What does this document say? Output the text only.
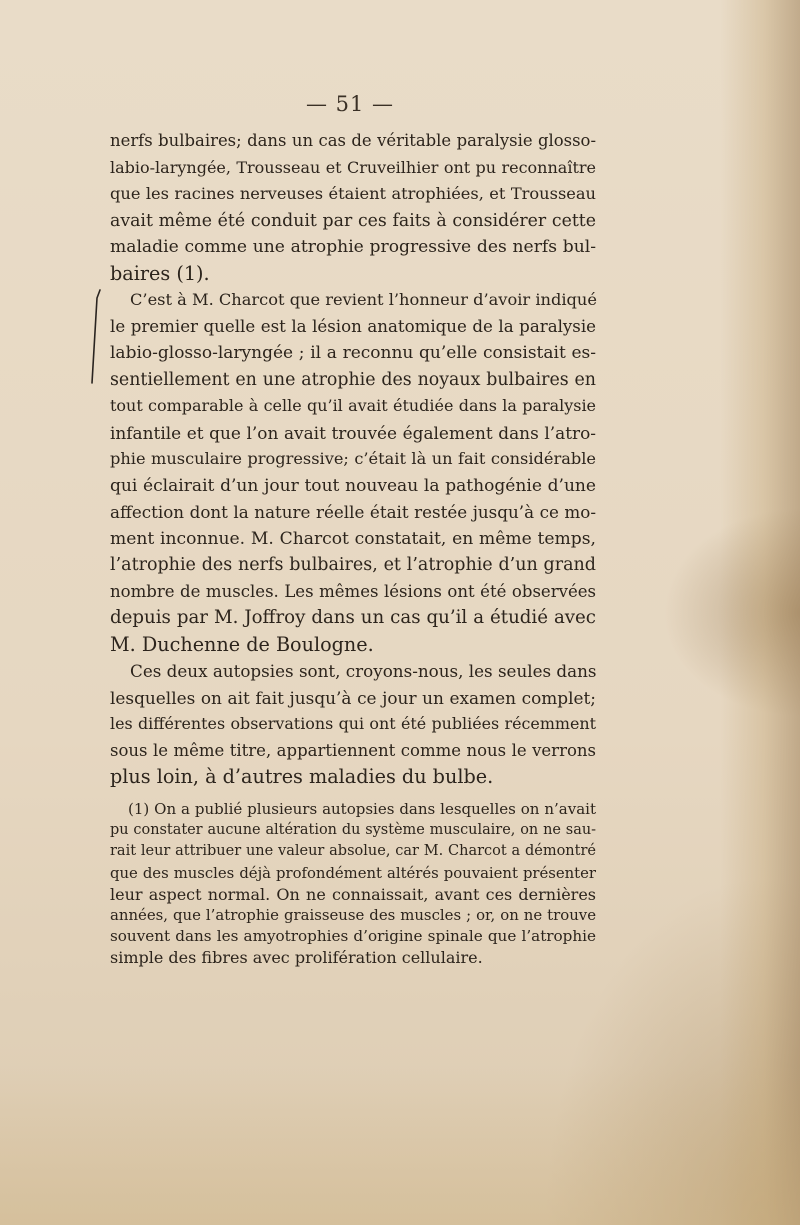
— 51 —
nerfs bulbaires; dans un cas de véritable paralysie glosso-
labio-laryngée, Trousseau et Cruveilhier ont pu reconnaître
que les racines nerveuses étaient atrophiées, et Trousseau
avait même été conduit par ces faits à considérer cette
maladie comme une atrophie progressive des nerfs bul-
baires (1).
C’est à M. Charcot que revient l’honneur d’avoir indiqué
le premier quelle est la lésion anatomique de la paralysie
labio-glosso-laryngée ; il a reconnu qu’elle consistait es-
sentiellement en une atrophie des noyaux bulbaires en
tout comparable à celle qu’il avait étudiée dans la paralysie
infantile et que l’on avait trouvée également dans l’atro-
phie musculaire progressive; c’était là un fait considérable
qui éclairait d’un jour tout nouveau la pathogénie d’une
affection dont la nature réelle était restée jusqu’à ce mo-
ment inconnue. M. Charcot constatait, en même temps,
l’atrophie des nerfs bulbaires, et l’atrophie d’un grand
nombre de muscles. Les mêmes lésions ont été observées
depuis par M. Joffroy dans un cas qu’il a étudié avec
M. Duchenne de Boulogne.
Ces deux autopsies sont, croyons-nous, les seules dans
lesquelles on ait fait jusqu’à ce jour un examen complet;
les différentes observations qui ont été publiées récemment
sous le même titre, appartiennent comme nous le verrons
plus loin, à d’autres maladies du bulbe.
(1) On a publié plusieurs autopsies dans lesquelles on n’avait
pu constater aucune altération du système musculaire, on ne sau-
rait leur attribuer une valeur absolue, car M. Charcot a démontré
que des muscles déjà profondément altérés pouvaient présenter
leur aspect normal. On ne connaissait, avant ces dernières
années, que l’atrophie graisseuse des muscles ; or, on ne trouve
souvent dans les amyotrophies d’origine spinale que l’atrophie
simple des fibres avec prolifération cellulaire.
